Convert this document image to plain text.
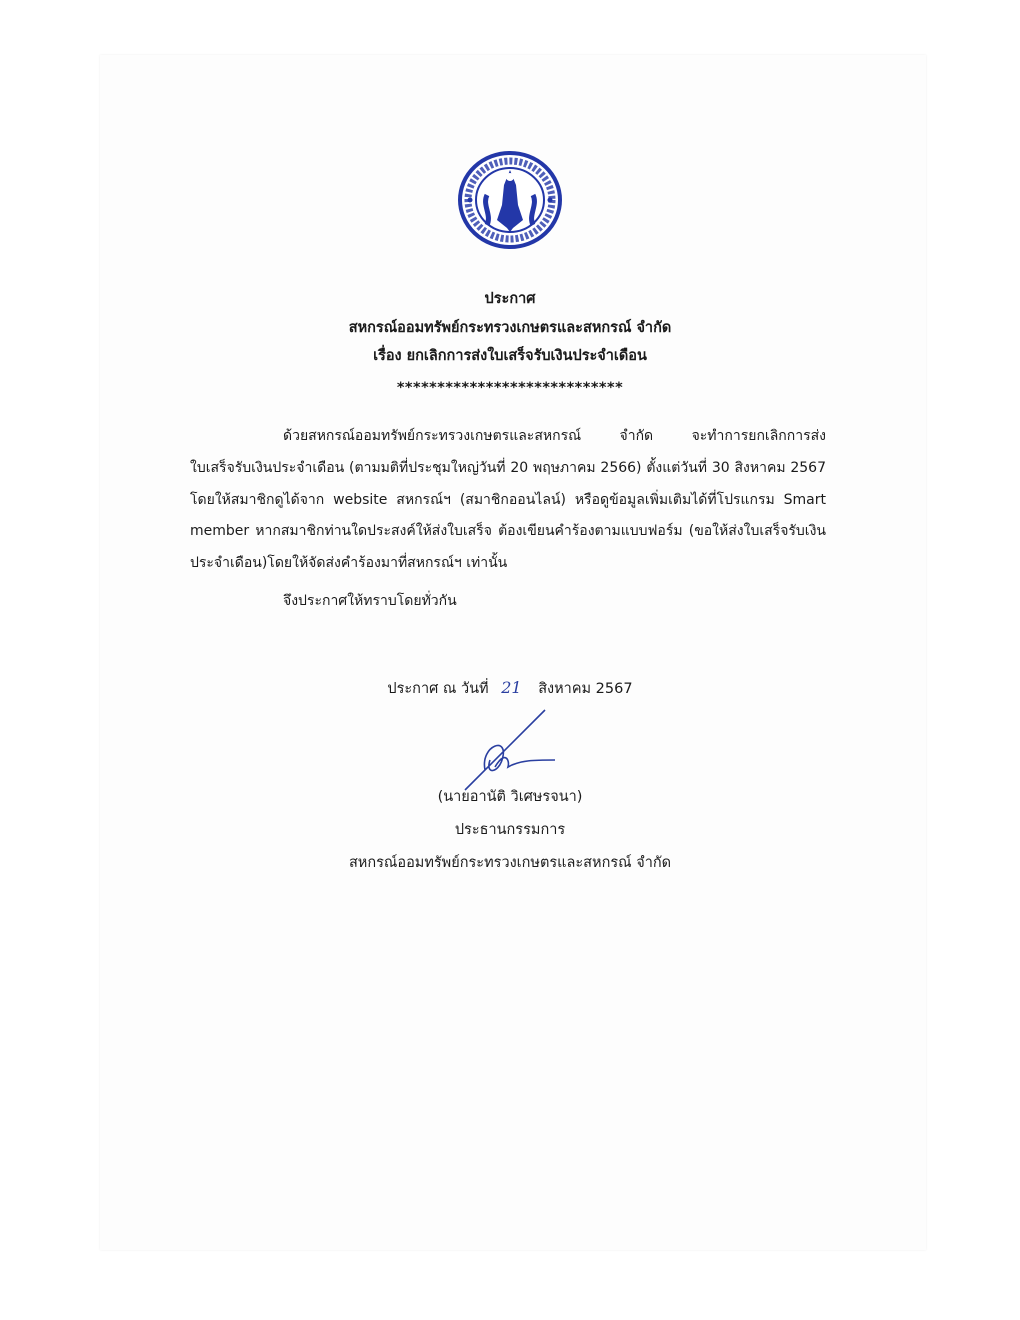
ประกาศ
สหกรณ์ออมทรัพย์กระทรวงเกษตรและสหกรณ์ จำกัด
เรื่อง ยกเลิกการส่งใบเสร็จรับเงินประจำเดือน
****************************
ด้วยสหกรณ์ออมทรัพย์กระทรวงเกษตรและสหกรณ์ จำกัด จะทำการยกเลิกการส่ง
ใบเสร็จรับเงินประจำเดือน (ตามมติที่ประชุมใหญ่วันที่ 20 พฤษภาคม 2566) ตั้งแต่วันที่ 30 สิงหาคม 2567
โดยให้สมาชิกดูได้จาก website สหกรณ์ฯ (สมาชิกออนไลน์) หรือดูข้อมูลเพิ่มเติมได้ที่โปรแกรม Smart
member หากสมาชิกท่านใดประสงค์ให้ส่งใบเสร็จ ต้องเขียนคำร้องตามแบบฟอร์ม (ขอให้ส่งใบเสร็จรับเงิน
ประจำเดือน)โดยให้จัดส่งคำร้องมาที่สหกรณ์ฯ เท่านั้น
จึงประกาศให้ทราบโดยทั่วกัน
ประกาศ ณ วันที่ 21 สิงหาคม 2567
(นายอานัติ วิเศษรจนา)
ประธานกรรมการ
สหกรณ์ออมทรัพย์กระทรวงเกษตรและสหกรณ์ จำกัด
